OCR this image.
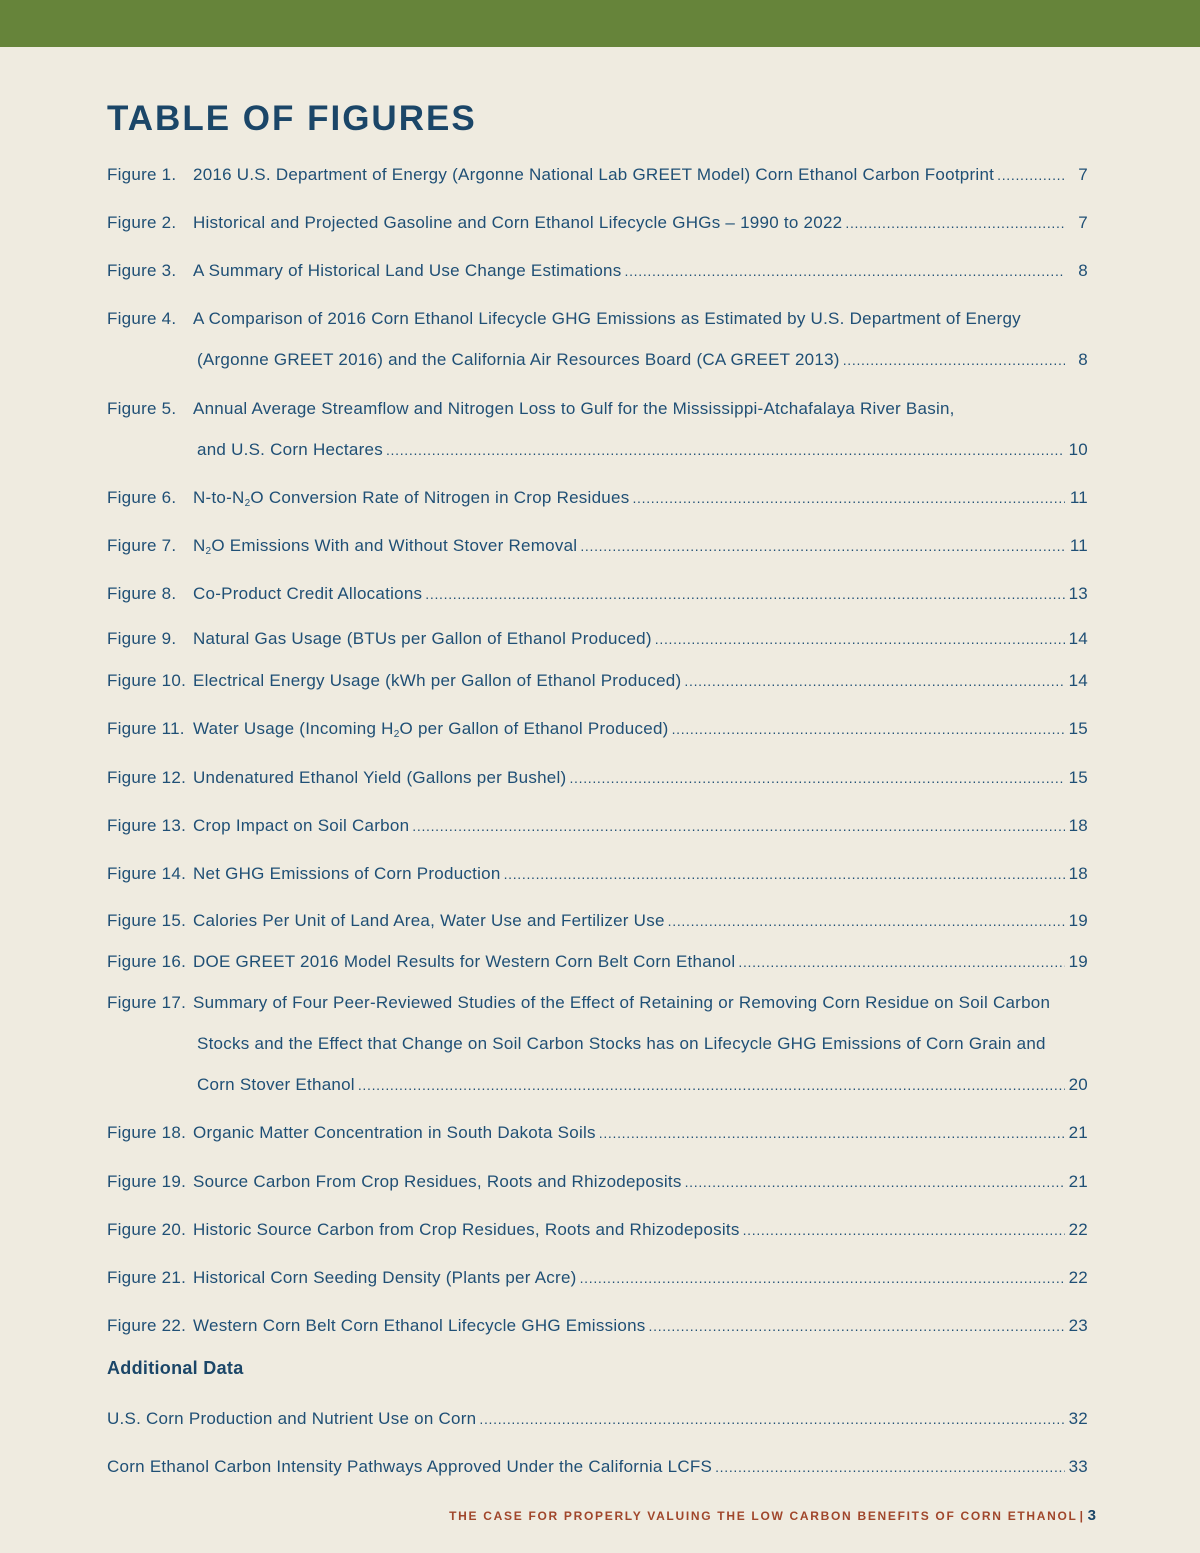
TABLE OF FIGURES
Figure 1. 2016 U.S. Department of Energy (Argonne National Lab GREET Model) Corn Ethanol Carbon Footprint . . .	7
Figure 2. Historical and Projected Gasoline and Corn Ethanol Lifecycle GHGs – 1990 to 2022 . . .	7
Figure 3. A Summary of Historical Land Use Change Estimations . . .	8
Figure 4. A Comparison of 2016 Corn Ethanol Lifecycle GHG Emissions as Estimated by U.S. Department of Energy
(Argonne GREET 2016) and the California Air Resources Board (CA GREET 2013) . . .	8
Figure 5. Annual Average Streamflow and Nitrogen Loss to Gulf for the Mississippi-Atchafalaya River Basin,
and U.S. Corn Hectares . . .	10
Figure 6. $N-to-N_2O$ Conversion Rate of Nitrogen in Crop Residues . . .	11
Figure 7. $N_2O$ Emissions With and Without Stover Removal . . .	11
Figure 8. Co-Product Credit Allocations . . .	13
Figure 9. Natural Gas Usage (BTUs per Gallon of Ethanol Produced) . . .	14
Figure 10. Electrical Energy Usage (kWh per Gallon of Ethanol Produced) . . .	14
Figure 11. Water Usage (Incoming $H_2O$ per Gallon of Ethanol Produced) . . .	15
Figure 12. Undenatured Ethanol Yield (Gallons per Bushel) . . .	15
Figure 13. Crop Impact on Soil Carbon . . .	18
Figure 14. Net GHG Emissions of Corn Production . . .	18
Figure 15. Calories Per Unit of Land Area, Water Use and Fertilizer Use . . .	19
Figure 16. DOE GREET 2016 Model Results for Western Corn Belt Corn Ethanol . . .	19
Figure 17. Summary of Four Peer-Reviewed Studies of the Effect of Retaining or Removing Corn Residue on Soil Carbon
Stocks and the Effect that Change on Soil Carbon Stocks has on Lifecycle GHG Emissions of Corn Grain and
Corn Stover Ethanol . . .	20
Figure 18. Organic Matter Concentration in South Dakota Soils . . .	21
Figure 19. Source Carbon From Crop Residues, Roots and Rhizodeposits . . .	21
Figure 20. Historic Source Carbon from Crop Residues, Roots and Rhizodeposits . . .	22
Figure 21. Historical Corn Seeding Density (Plants per Acre) . . .	22
Figure 22. Western Corn Belt Corn Ethanol Lifecycle GHG Emissions . . .	23
Additional Data
U.S. Corn Production and Nutrient Use on Corn . . .	32
Corn Ethanol Carbon Intensity Pathways Approved Under the California LCFS . . .	33
THE CASE FOR PROPERLY VALUING THE LOW CARBON BENEFITS OF CORN ETHANOL | 3
